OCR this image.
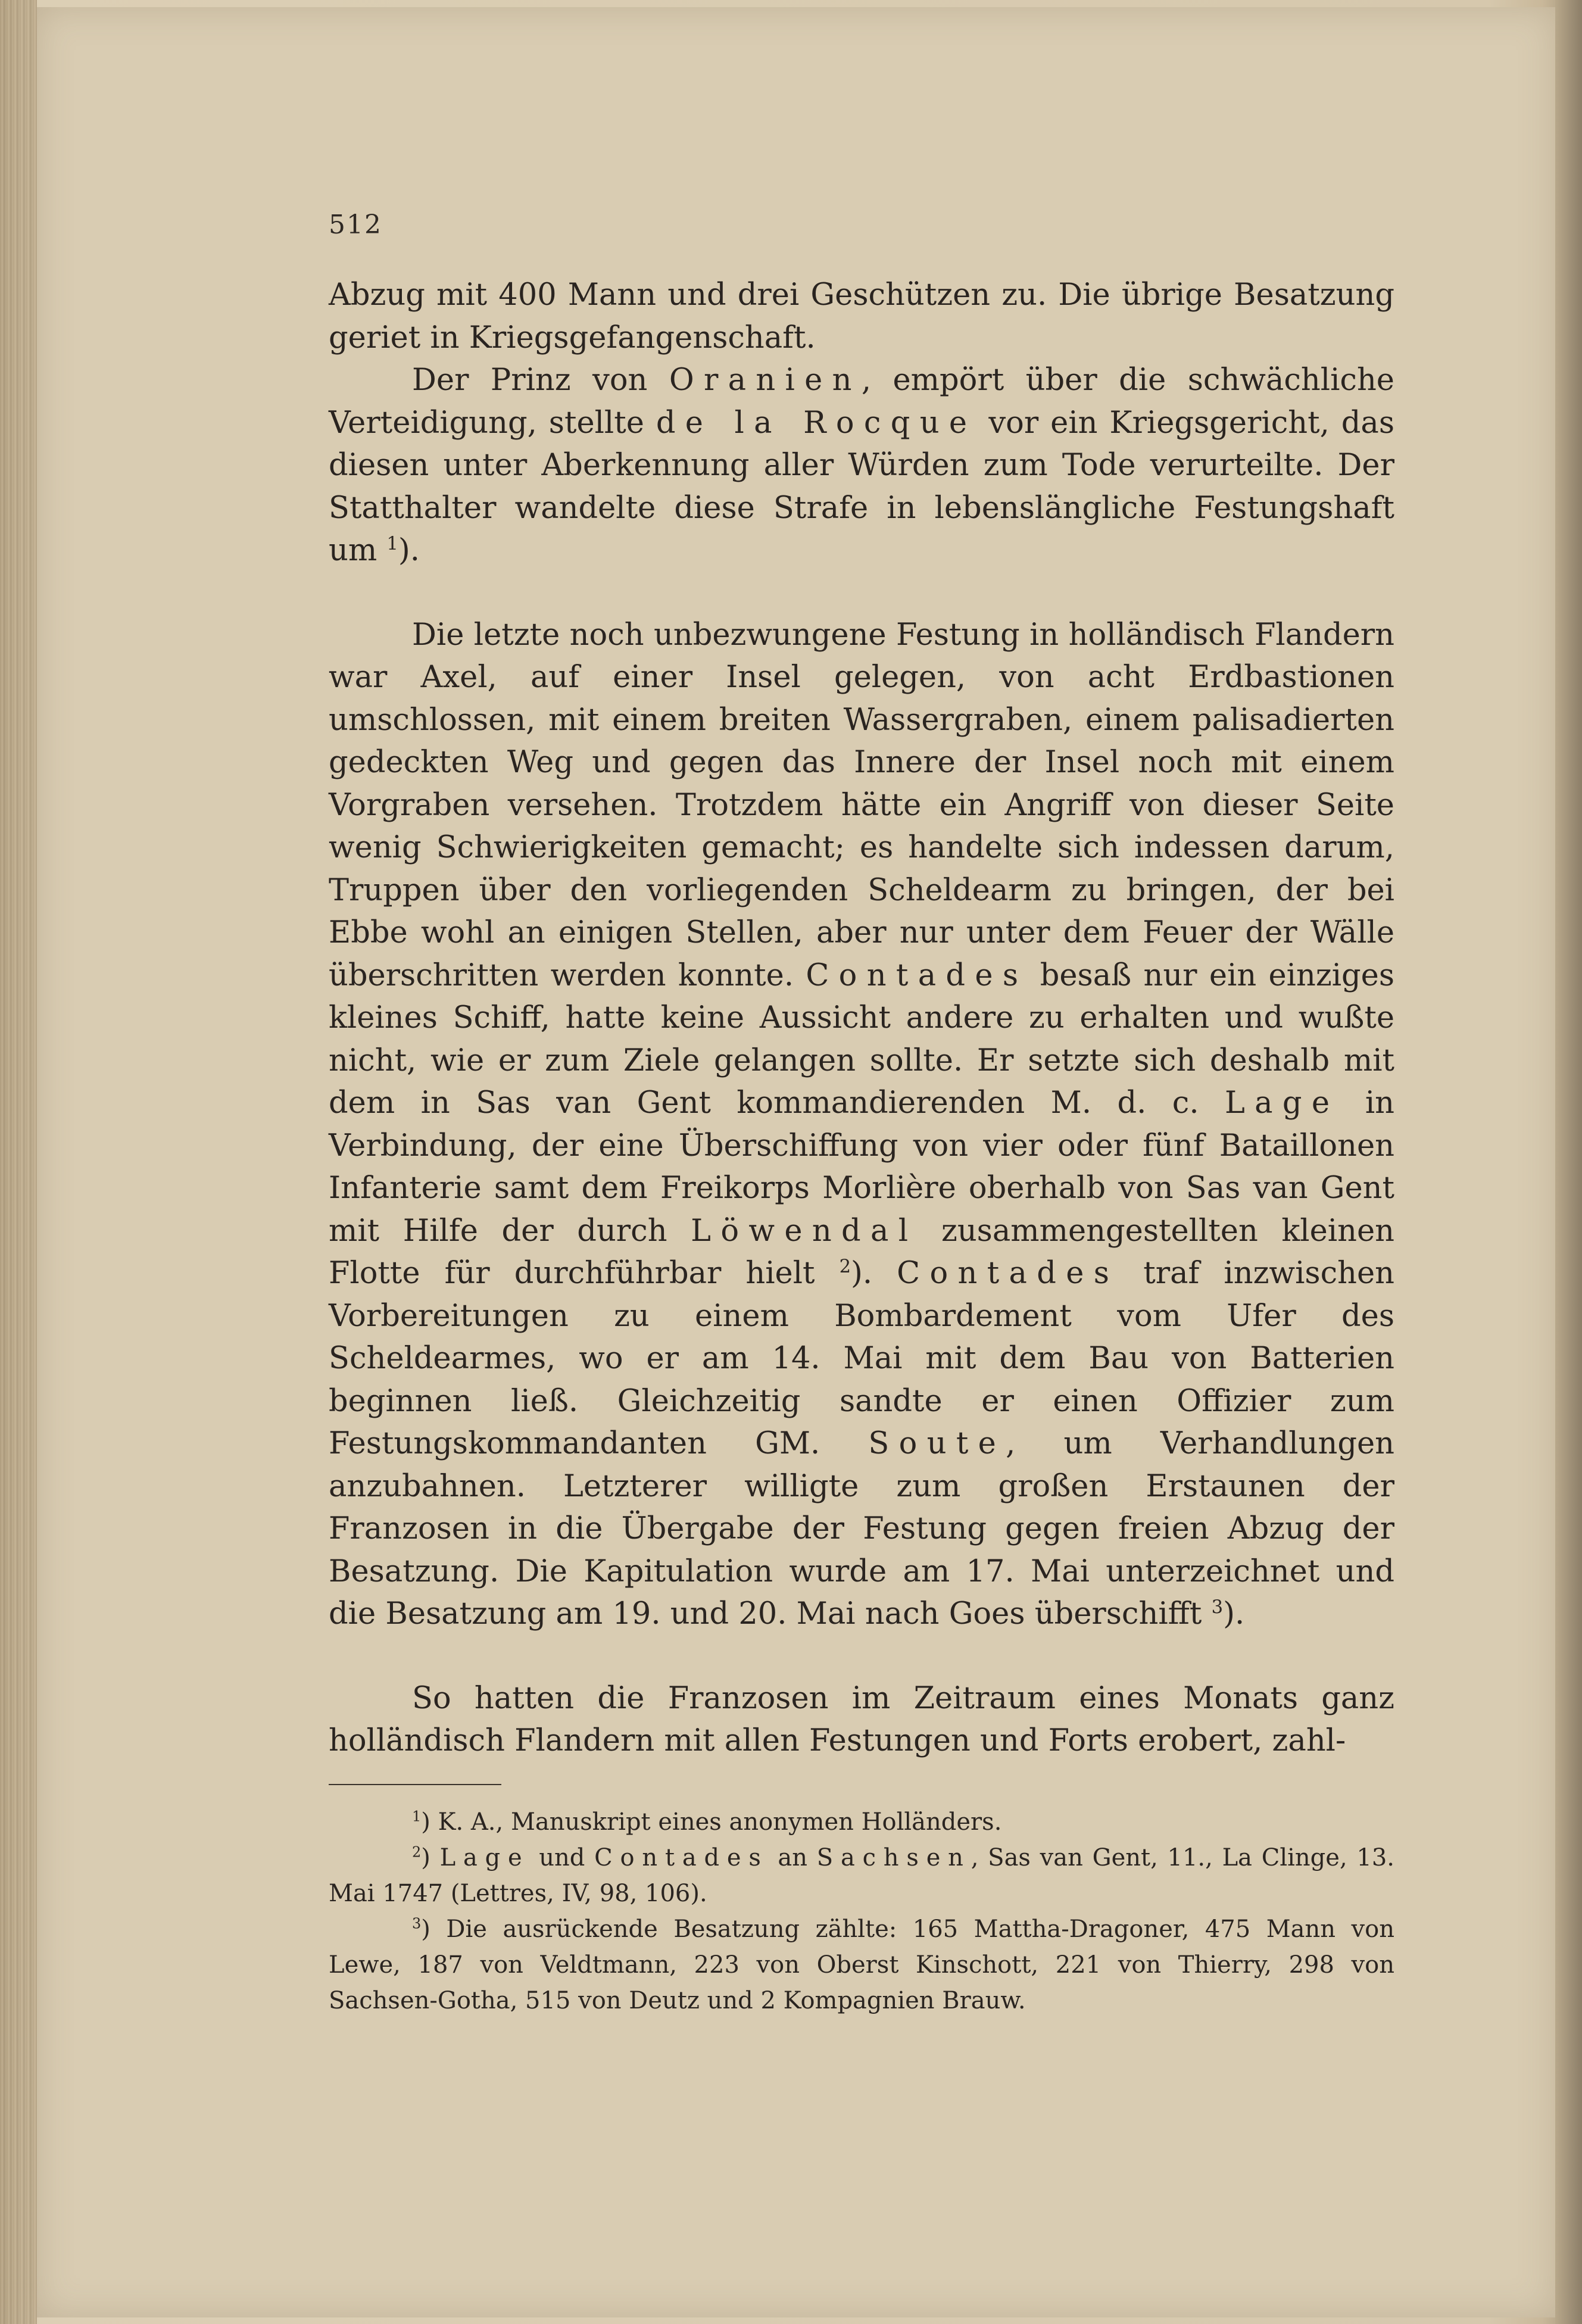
512

Abzug mit 400 Mann und drei Geschützen zu. Die übrige Besatzung geriet in Kriegsgefangenschaft.

Der Prinz von Oranien, empört über die schwächliche Verteidigung, stellte de la Rocque vor ein Kriegsgericht, das diesen unter Aberkennung aller Würden zum Tode verurteilte. Der Statthalter wandelte diese Strafe in lebenslängliche Festungshaft um $^1$).

Die letzte noch unbezwungene Festung in holländisch Flandern war Axel, auf einer Insel gelegen, von acht Erdbastionen umschlossen, mit einem breiten Wassergraben, einem palisadierten gedeckten Weg und gegen das Innere der Insel noch mit einem Vorgraben versehen. Trotzdem hätte ein Angriff von dieser Seite wenig Schwierigkeiten gemacht; es handelte sich indessen darum, Truppen über den vorliegenden Scheldearm zu bringen, der bei Ebbe wohl an einigen Stellen, aber nur unter dem Feuer der Wälle überschritten werden konnte. Contades besaß nur ein einziges kleines Schiff, hatte keine Aussicht andere zu erhalten und wußte nicht, wie er zum Ziele gelangen sollte. Er setzte sich deshalb mit dem in Sas van Gent kommandierenden M. d. c. Lage in Verbindung, der eine Überschiffung von vier oder fünf Bataillonen Infanterie samt dem Freikorps Morlière oberhalb von Sas van Gent mit Hilfe der durch Löwendal zusammengestellten kleinen Flotte für durchführbar hielt $^2$). Contades traf inzwischen Vorbereitungen zu einem Bombardement vom Ufer des Scheldearmes, wo er am 14. Mai mit dem Bau von Batterien beginnen ließ. Gleichzeitig sandte er einen Offizier zum Festungskommandanten GM. Soute, um Verhandlungen anzubahnen. Letzterer willigte zum großen Erstaunen der Franzosen in die Übergabe der Festung gegen freien Abzug der Besatzung. Die Kapitulation wurde am 17. Mai unterzeichnet und die Besatzung am 19. und 20. Mai nach Goes überschifft $^3$).

So hatten die Franzosen im Zeitraum eines Monats ganz holländisch Flandern mit allen Festungen und Forts erobert, zahl-

$^1$) K. A., Manuskript eines anonymen Holländers.

$^2$) Lage und Contades an Sachsen, Sas van Gent, 11., La Clinge, 13. Mai 1747 (Lettres, IV, 98, 106).

$^3$) Die ausrückende Besatzung zählte: 165 Mattha-Dragoner, 475 Mann von Lewe, 187 von Veldtmann, 223 von Oberst Kinschott, 221 von Thierry, 298 von Sachsen-Gotha, 515 von Deutz und 2 Kompagnien Brauw.
